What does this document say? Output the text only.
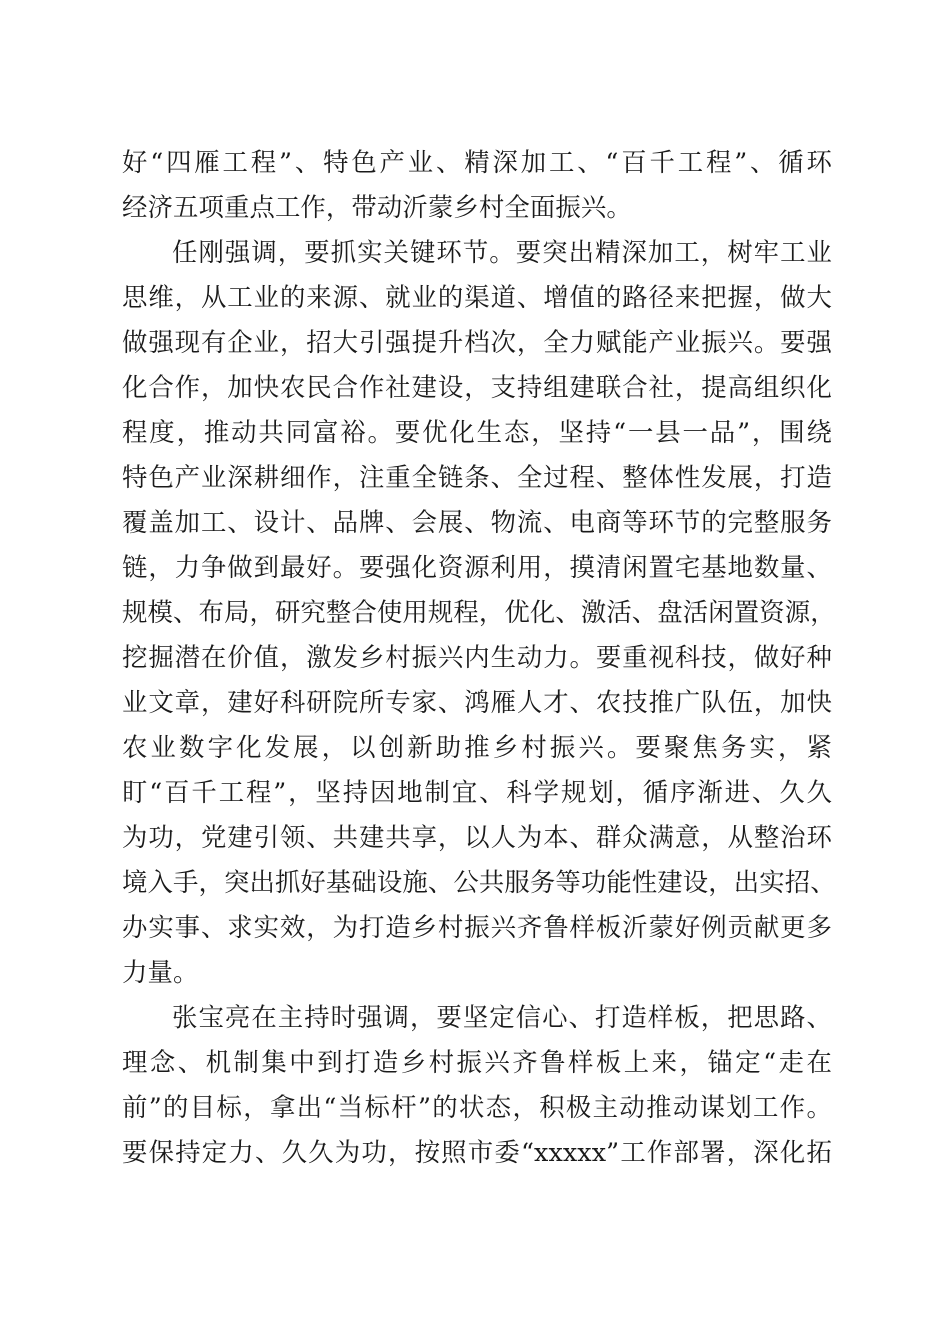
好“四雁工程”、特色产业、精深加工、“百千工程”、循环
经济五项重点工作，带动沂蒙乡村全面振兴。
任刚强调，要抓实关键环节。要突出精深加工，树牢工业
思维，从工业的来源、就业的渠道、增值的路径来把握，做大
做强现有企业，招大引强提升档次，全力赋能产业振兴。要强
化合作，加快农民合作社建设，支持组建联合社，提高组织化
程度，推动共同富裕。要优化生态，坚持“一县一品”，围绕
特色产业深耕细作，注重全链条、全过程、整体性发展，打造
覆盖加工、设计、品牌、会展、物流、电商等环节的完整服务
链，力争做到最好。要强化资源利用，摸清闲置宅基地数量、
规模、布局，研究整合使用规程，优化、激活、盘活闲置资源，
挖掘潜在价值，激发乡村振兴内生动力。要重视科技，做好种
业文章，建好科研院所专家、鸿雁人才、农技推广队伍，加快
农业数字化发展，以创新助推乡村振兴。要聚焦务实，紧
盯“百千工程”，坚持因地制宜、科学规划，循序渐进、久久
为功，党建引领、共建共享，以人为本、群众满意，从整治环
境入手，突出抓好基础设施、公共服务等功能性建设，出实招、
办实事、求实效，为打造乡村振兴齐鲁样板沂蒙好例贡献更多
力量。
张宝亮在主持时强调，要坚定信心、打造样板，把思路、
理念、机制集中到打造乡村振兴齐鲁样板上来，锚定“走在
前”的目标，拿出“当标杆”的状态，积极主动推动谋划工作。
要保持定力、久久为功，按照市委“xxxxx”工作部署，深化拓
